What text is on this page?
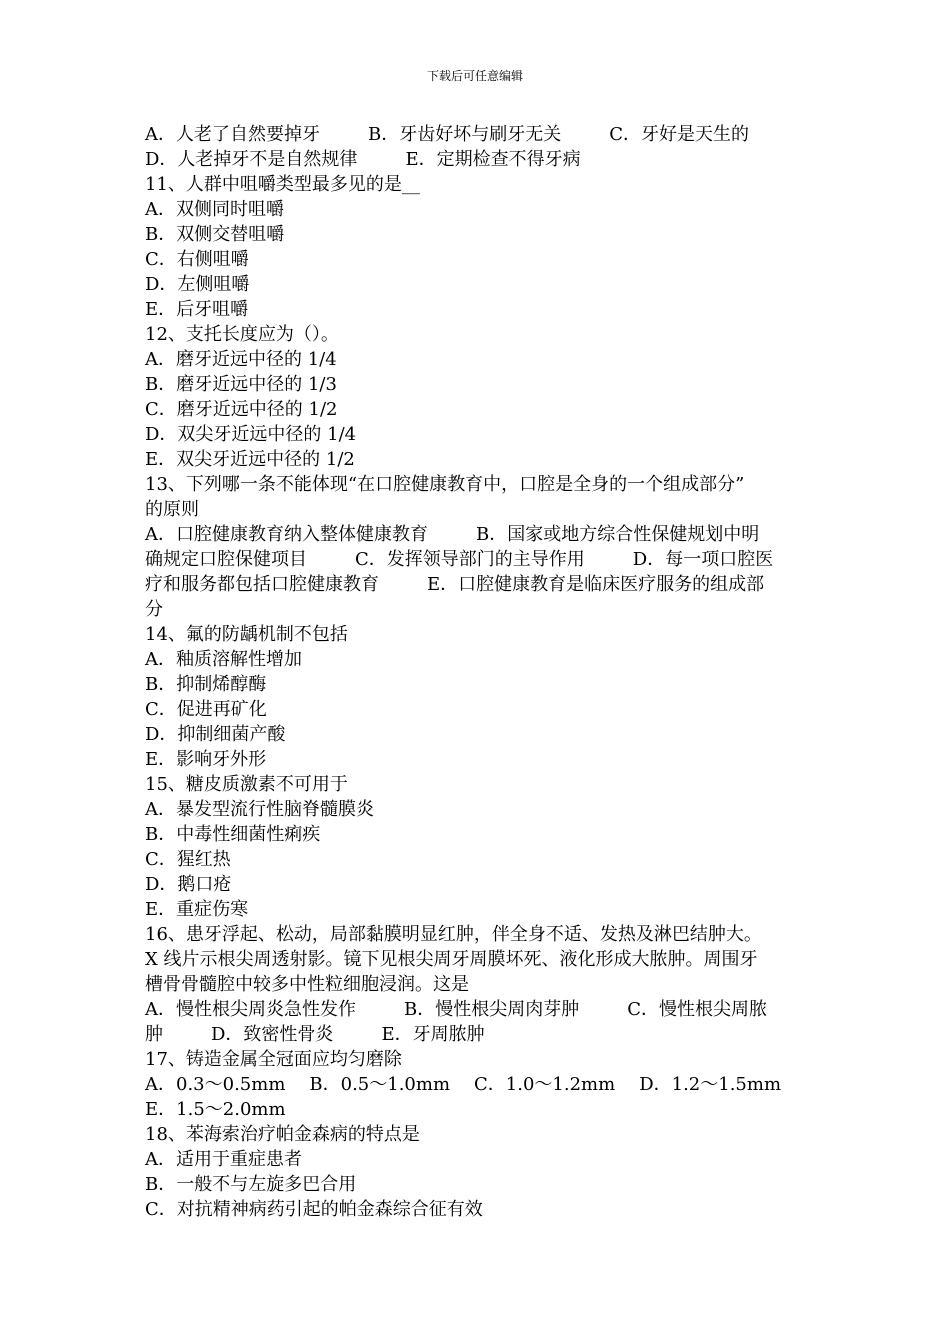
下载后可任意编辑
A．人老了自然要掉牙	B．牙齿好坏与刷牙无关	C．牙好是天生的
D．人老掉牙不是自然规律	E．定期检查不得牙病
11、人群中咀嚼类型最多见的是__
A．双侧同时咀嚼
B．双侧交替咀嚼
C．右侧咀嚼
D．左侧咀嚼
E．后牙咀嚼
12、支托长度应为（）。
A．磨牙近远中径的 1/4
B．磨牙近远中径的 1/3
C．磨牙近远中径的 1/2
D．双尖牙近远中径的 1/4
E．双尖牙近远中径的 1/2
13、下列哪一条不能体现“在口腔健康教育中，口腔是全身的一个组成部分”
的原则
A．口腔健康教育纳入整体健康教育	B．国家或地方综合性保健规划中明
确规定口腔保健项目	C．发挥领导部门的主导作用	D．每一项口腔医
疗和服务都包括口腔健康教育	E．口腔健康教育是临床医疗服务的组成部
分
14、氟的防龋机制不包括
A．釉质溶解性增加
B．抑制烯醇酶
C．促进再矿化
D．抑制细菌产酸
E．影响牙外形
15、糖皮质激素不可用于
A．暴发型流行性脑脊髓膜炎
B．中毒性细菌性痢疾
C．猩红热
D．鹅口疮
E．重症伤寒
16、患牙浮起、松动，局部黏膜明显红肿，伴全身不适、发热及淋巴结肿大。
X 线片示根尖周透射影。镜下见根尖周牙周膜坏死、液化形成大脓肿。周围牙
槽骨骨髓腔中较多中性粒细胞浸润。这是
A．慢性根尖周炎急性发作	B．慢性根尖周肉芽肿	C．慢性根尖周脓
肿	D．致密性骨炎	E．牙周脓肿
17、铸造金属全冠面应均匀磨除
A．0.3～0.5mm B．0.5～1.0mm C．1.0～1.2mm D．1.2～1.5mm
E．1.5～2.0mm
18、苯海索治疗帕金森病的特点是
A．适用于重症患者
B．一般不与左旋多巴合用
C．对抗精神病药引起的帕金森综合征有效
